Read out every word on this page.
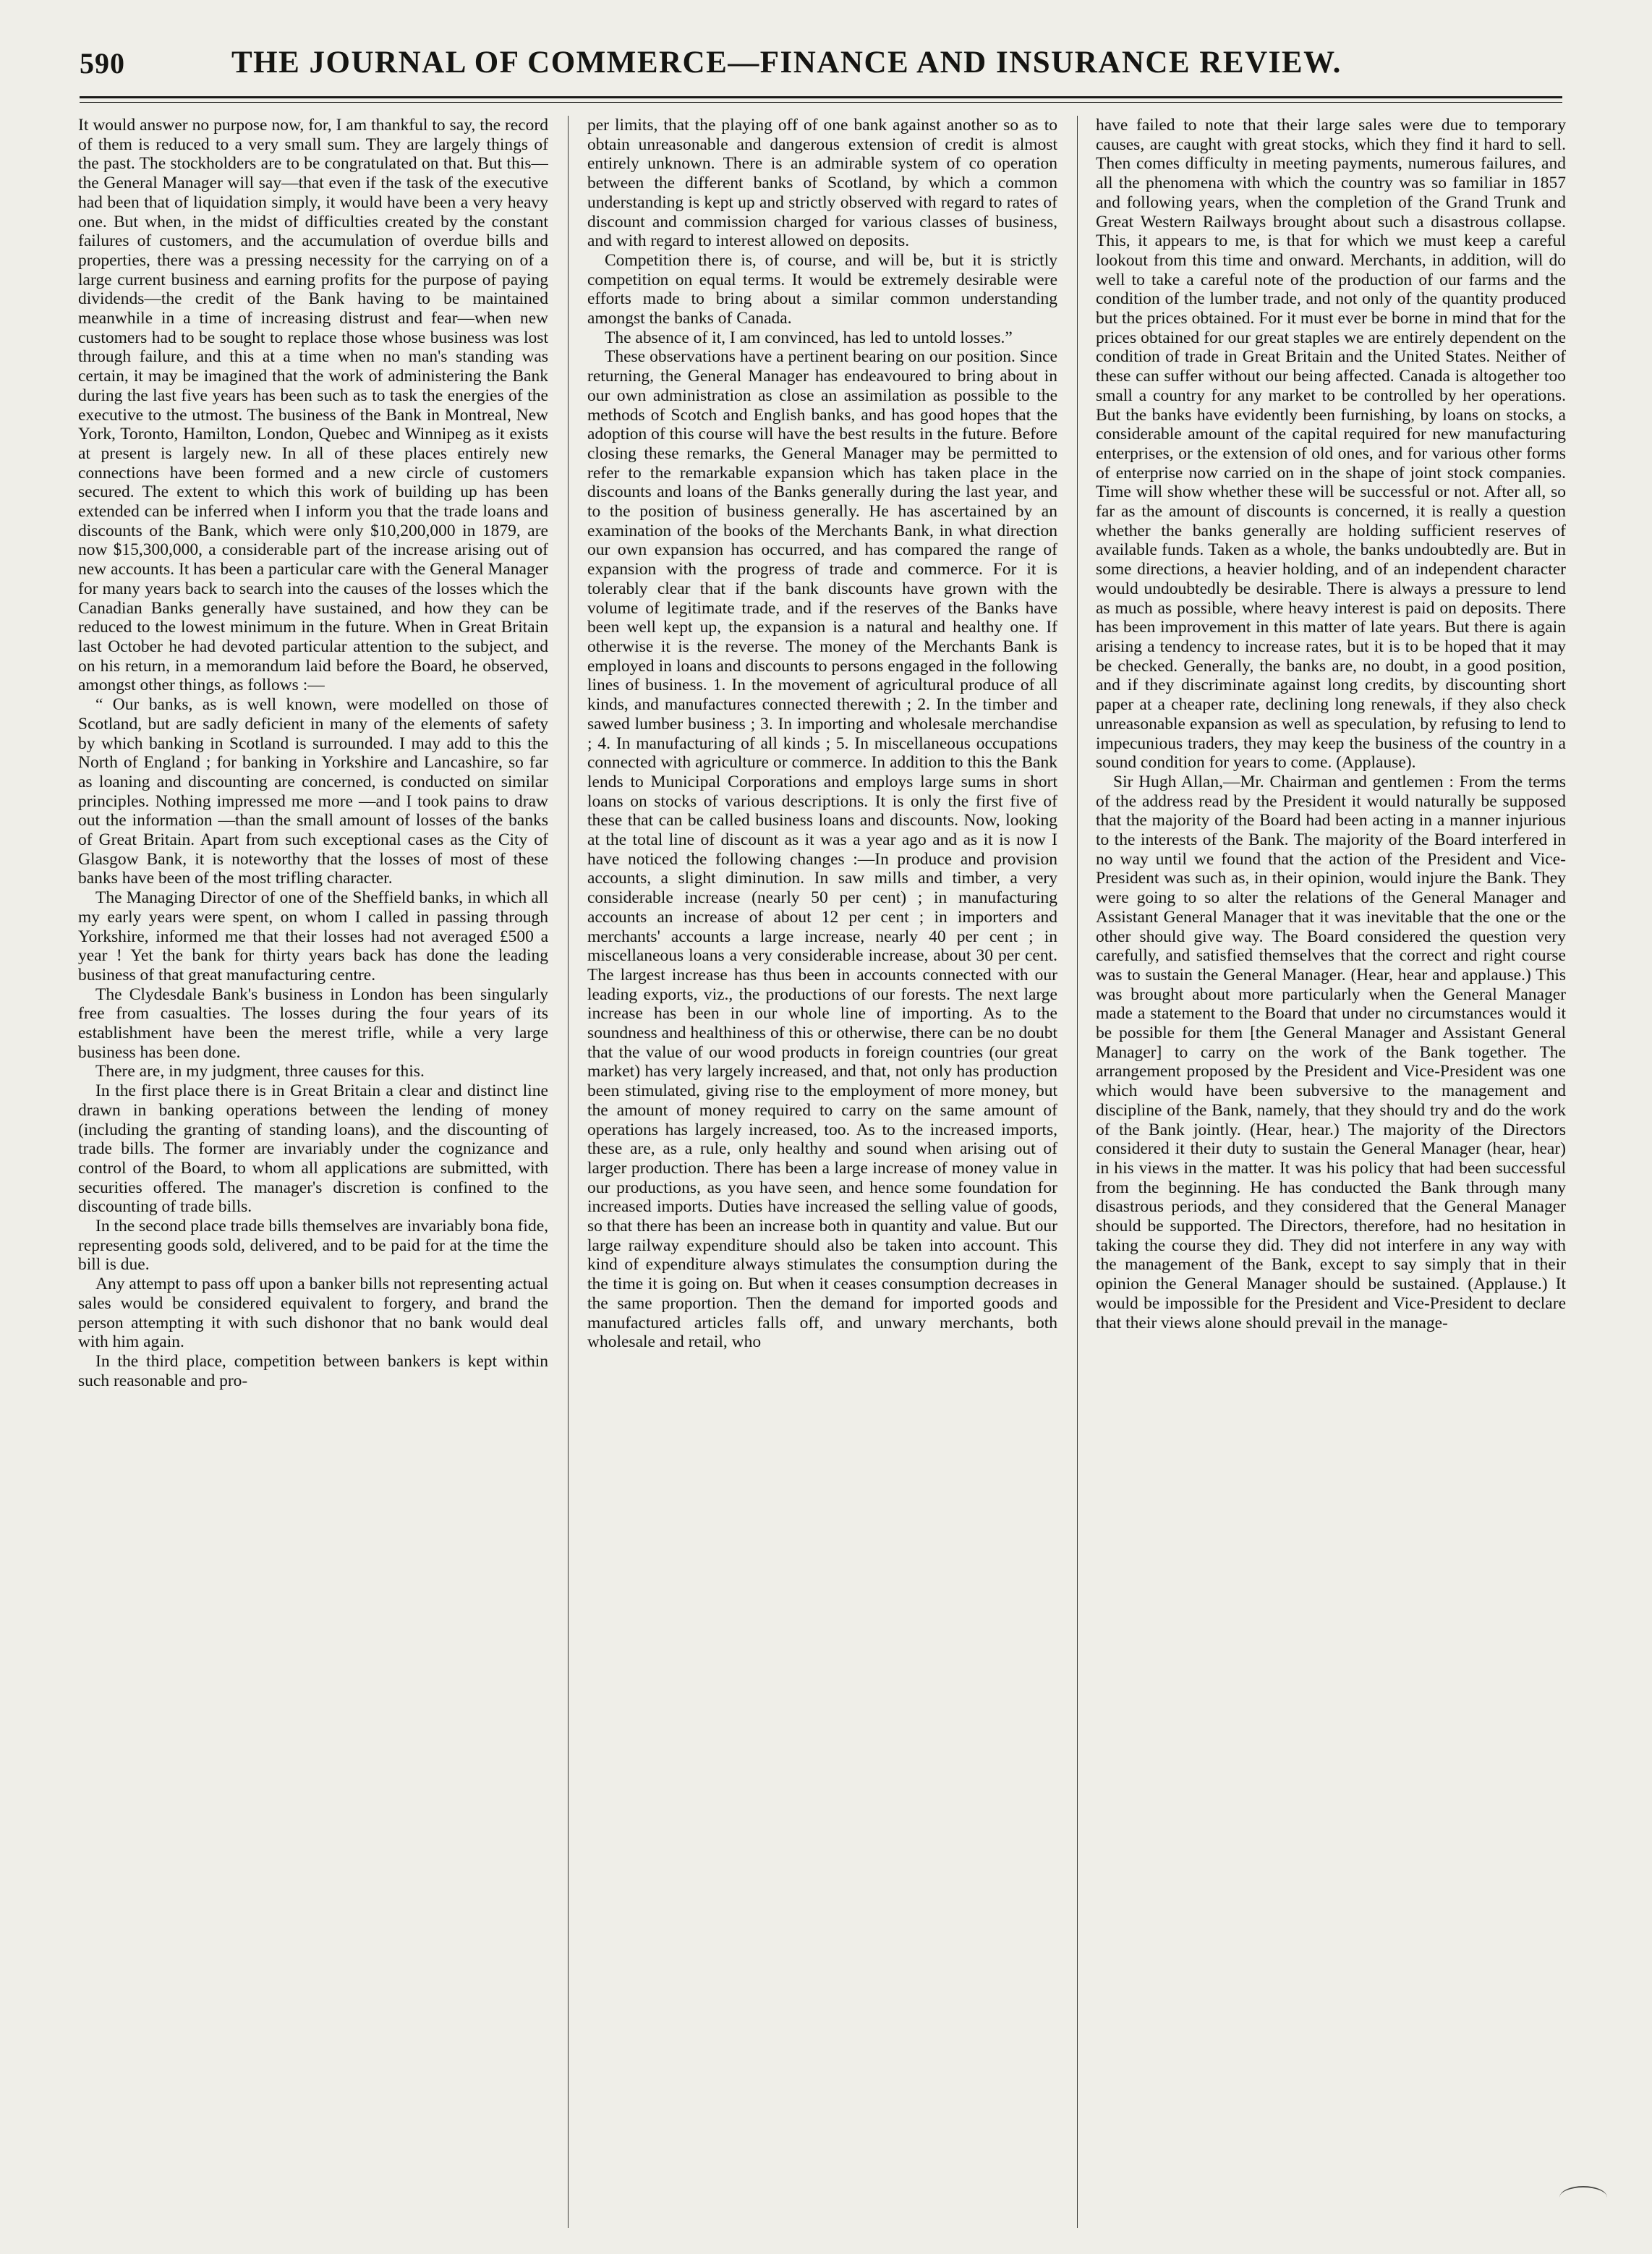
590	THE JOURNAL OF COMMERCE—FINANCE AND INSURANCE REVIEW.

It would answer no purpose now, for, I am thankful to say, the record of them is reduced to a very small sum. They are largely things of the past. The stockholders are to be congratulated on that. But this—the General Manager will say—that even if the task of the executive had been that of liquidation simply, it would have been a very heavy one. But when, in the midst of difficulties created by the constant failures of customers, and the accumulation of overdue bills and properties, there was a pressing necessity for the carrying on of a large current business and earning profits for the purpose of paying dividends—the credit of the Bank having to be maintained meanwhile in a time of increasing distrust and fear—when new customers had to be sought to replace those whose business was lost through failure, and this at a time when no man's standing was certain, it may be imagined that the work of administering the Bank during the last five years has been such as to task the energies of the executive to the utmost. The business of the Bank in Montreal, New York, Toronto, Hamilton, London, Quebec and Winnipeg as it exists at present is largely new. In all of these places entirely new connections have been formed and a new circle of customers secured. The extent to which this work of building up has been extended can be inferred when I inform you that the trade loans and discounts of the Bank, which were only $10,200,000 in 1879, are now $15,300,000, a considerable part of the increase arising out of new accounts. It has been a particular care with the General Manager for many years back to search into the causes of the losses which the Canadian Banks generally have sustained, and how they can be reduced to the lowest minimum in the future. When in Great Britain last October he had devoted particular attention to the subject, and on his return, in a memorandum laid before the Board, he observed, amongst other things, as follows :—

“ Our banks, as is well known, were modelled on those of Scotland, but are sadly deficient in many of the elements of safety by which banking in Scotland is surrounded. I may add to this the North of England ; for banking in Yorkshire and Lancashire, so far as loaning and discounting are concerned, is conducted on similar principles. Nothing impressed me more —and I took pains to draw out the information —than the small amount of losses of the banks of Great Britain. Apart from such exceptional cases as the City of Glasgow Bank, it is noteworthy that the losses of most of these banks have been of the most trifling character.

The Managing Director of one of the Sheffield banks, in which all my early years were spent, on whom I called in passing through Yorkshire, informed me that their losses had not averaged £500 a year ! Yet the bank for thirty years back has done the leading business of that great manufacturing centre.

The Clydesdale Bank's business in London has been singularly free from casualties. The losses during the four years of its establishment have been the merest trifle, while a very large business has been done.

There are, in my judgment, three causes for this.

In the first place there is in Great Britain a clear and distinct line drawn in banking operations between the lending of money (including the granting of standing loans), and the discounting of trade bills. The former are invariably under the cognizance and control of the Board, to whom all applications are submitted, with securities offered. The manager's discretion is confined to the discounting of trade bills.

In the second place trade bills themselves are invariably bona fide, representing goods sold, delivered, and to be paid for at the time the bill is due.

Any attempt to pass off upon a banker bills not representing actual sales would be considered equivalent to forgery, and brand the person attempting it with such dishonor that no bank would deal with him again.

In the third place, competition between bankers is kept within such reasonable and pro-

per limits, that the playing off of one bank against another so as to obtain unreasonable and dangerous extension of credit is almost entirely unknown. There is an admirable system of co operation between the different banks of Scotland, by which a common understanding is kept up and strictly observed with regard to rates of discount and commission charged for various classes of business, and with regard to interest allowed on deposits.

Competition there is, of course, and will be, but it is strictly competition on equal terms. It would be extremely desirable were efforts made to bring about a similar common understanding amongst the banks of Canada.

The absence of it, I am convinced, has led to untold losses.”

These observations have a pertinent bearing on our position. Since returning, the General Manager has endeavoured to bring about in our own administration as close an assimilation as possible to the methods of Scotch and English banks, and has good hopes that the adoption of this course will have the best results in the future. Before closing these remarks, the General Manager may be permitted to refer to the remarkable expansion which has taken place in the discounts and loans of the Banks generally during the last year, and to the position of business generally. He has ascertained by an examination of the books of the Merchants Bank, in what direction our own expansion has occurred, and has compared the range of expansion with the progress of trade and commerce. For it is tolerably clear that if the bank discounts have grown with the volume of legitimate trade, and if the reserves of the Banks have been well kept up, the expansion is a natural and healthy one. If otherwise it is the reverse. The money of the Merchants Bank is employed in loans and discounts to persons engaged in the following lines of business. 1. In the movement of agricultural produce of all kinds, and manufactures connected therewith ; 2. In the timber and sawed lumber business ; 3. In importing and wholesale merchandise ; 4. In manufacturing of all kinds ; 5. In miscellaneous occupations connected with agriculture or commerce. In addition to this the Bank lends to Municipal Corporations and employs large sums in short loans on stocks of various descriptions. It is only the first five of these that can be called business loans and discounts. Now, looking at the total line of discount as it was a year ago and as it is now I have noticed the following changes :—In produce and provision accounts, a slight diminution. In saw mills and timber, a very considerable increase (nearly 50 per cent) ; in manufacturing accounts an increase of about 12 per cent ; in importers and merchants' accounts a large increase, nearly 40 per cent ; in miscellaneous loans a very considerable increase, about 30 per cent. The largest increase has thus been in accounts connected with our leading exports, viz., the productions of our forests. The next large increase has been in our whole line of importing. As to the soundness and healthiness of this or otherwise, there can be no doubt that the value of our wood products in foreign countries (our great market) has very largely increased, and that, not only has production been stimulated, giving rise to the employment of more money, but the amount of money required to carry on the same amount of operations has largely increased, too. As to the increased imports, these are, as a rule, only healthy and sound when arising out of larger production. There has been a large increase of money value in our productions, as you have seen, and hence some foundation for increased imports. Duties have increased the selling value of goods, so that there has been an increase both in quantity and value. But our large railway expenditure should also be taken into account. This kind of expenditure always stimulates the consumption during the the time it is going on. But when it ceases consumption decreases in the same proportion. Then the demand for imported goods and manufactured articles falls off, and unwary merchants, both wholesale and retail, who

have failed to note that their large sales were due to temporary causes, are caught with great stocks, which they find it hard to sell. Then comes difficulty in meeting payments, numerous failures, and all the phenomena with which the country was so familiar in 1857 and following years, when the completion of the Grand Trunk and Great Western Railways brought about such a disastrous collapse. This, it appears to me, is that for which we must keep a careful lookout from this time and onward. Merchants, in addition, will do well to take a careful note of the production of our farms and the condition of the lumber trade, and not only of the quantity produced but the prices obtained. For it must ever be borne in mind that for the prices obtained for our great staples we are entirely dependent on the condition of trade in Great Britain and the United States. Neither of these can suffer without our being affected. Canada is altogether too small a country for any market to be controlled by her operations. But the banks have evidently been furnishing, by loans on stocks, a considerable amount of the capital required for new manufacturing enterprises, or the extension of old ones, and for various other forms of enterprise now carried on in the shape of joint stock companies. Time will show whether these will be successful or not. After all, so far as the amount of discounts is concerned, it is really a question whether the banks generally are holding sufficient reserves of available funds. Taken as a whole, the banks undoubtedly are. But in some directions, a heavier holding, and of an independent character would undoubtedly be desirable. There is always a pressure to lend as much as possible, where heavy interest is paid on deposits. There has been improvement in this matter of late years. But there is again arising a tendency to increase rates, but it is to be hoped that it may be checked. Generally, the banks are, no doubt, in a good position, and if they discriminate against long credits, by discounting short paper at a cheaper rate, declining long renewals, if they also check unreasonable expansion as well as speculation, by refusing to lend to impecunious traders, they may keep the business of the country in a sound condition for years to come. (Applause).

Sir Hugh Allan,—Mr. Chairman and gentlemen : From the terms of the address read by the President it would naturally be supposed that the majority of the Board had been acting in a manner injurious to the interests of the Bank. The majority of the Board interfered in no way until we found that the action of the President and Vice-President was such as, in their opinion, would injure the Bank. They were going to so alter the relations of the General Manager and Assistant General Manager that it was inevitable that the one or the other should give way. The Board considered the question very carefully, and satisfied themselves that the correct and right course was to sustain the General Manager. (Hear, hear and applause.) This was brought about more particularly when the General Manager made a statement to the Board that under no circumstances would it be possible for them [the General Manager and Assistant General Manager] to carry on the work of the Bank together. The arrangement proposed by the President and Vice-President was one which would have been subversive to the management and discipline of the Bank, namely, that they should try and do the work of the Bank jointly. (Hear, hear.) The majority of the Directors considered it their duty to sustain the General Manager (hear, hear) in his views in the matter. It was his policy that had been successful from the beginning. He has conducted the Bank through many disastrous periods, and they considered that the General Manager should be supported. The Directors, therefore, had no hesitation in taking the course they did. They did not interfere in any way with the management of the Bank, except to say simply that in their opinion the General Manager should be sustained. (Applause.) It would be impossible for the President and Vice-President to declare that their views alone should prevail in the manage-
